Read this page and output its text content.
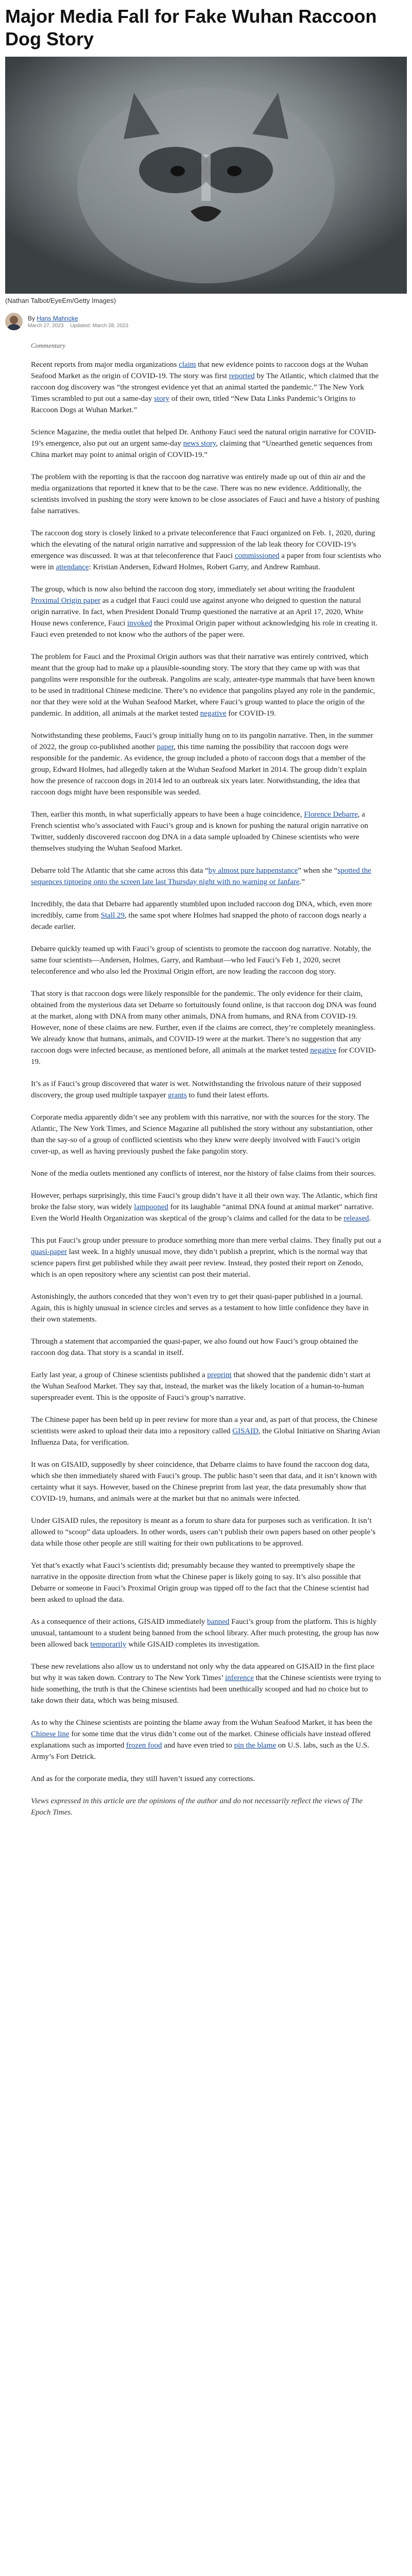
Major Media Fall for Fake Wuhan Raccoon Dog Story
(Nathan Talbot/EyeEm/Getty Images)
By Hans Mahncke
March 27, 2023 Updated: March 28, 2023
Commentary

Recent reports from major media organizations claim that new evidence points to raccoon dogs at the Wuhan Seafood Market as the origin of COVID-19. The story was first reported by The Atlantic, which claimed that the raccoon dog discovery was “the strongest evidence yet that an animal started the pandemic.” The New York Times scrambled to put out a same-day story of their own, titled “New Data Links Pandemic’s Origins to Raccoon Dogs at Wuhan Market.”

Science Magazine, the media outlet that helped Dr. Anthony Fauci seed the natural origin narrative for COVID-19’s emergence, also put out an urgent same-day news story, claiming that “Unearthed genetic sequences from China market may point to animal origin of COVID-19.”

The problem with the reporting is that the raccoon dog narrative was entirely made up out of thin air and the media organizations that reported it knew that to be the case. There was no new evidence. Additionally, the scientists involved in pushing the story were known to be close associates of Fauci and have a history of pushing false narratives.

The raccoon dog story is closely linked to a private teleconference that Fauci organized on Feb. 1, 2020, during which the elevating of the natural origin narrative and suppression of the lab leak theory for COVID-19’s emergence was discussed. It was at that teleconference that Fauci commissioned a paper from four scientists who were in attendance: Kristian Andersen, Edward Holmes, Robert Garry, and Andrew Rambaut.

The group, which is now also behind the raccoon dog story, immediately set about writing the fraudulent Proximal Origin paper as a cudgel that Fauci could use against anyone who deigned to question the natural origin narrative. In fact, when President Donald Trump questioned the narrative at an April 17, 2020, White House news conference, Fauci invoked the Proximal Origin paper without acknowledging his role in creating it. Fauci even pretended to not know who the authors of the paper were.

The problem for Fauci and the Proximal Origin authors was that their narrative was entirely contrived, which meant that the group had to make up a plausible-sounding story. The story that they came up with was that pangolins were responsible for the outbreak. Pangolins are scaly, anteater-type mammals that have been known to be used in traditional Chinese medicine. There’s no evidence that pangolins played any role in the pandemic, nor that they were sold at the Wuhan Seafood Market, where Fauci’s group wanted to place the origin of the pandemic. In addition, all animals at the market tested negative for COVID-19.

Notwithstanding these problems, Fauci’s group initially hung on to its pangolin narrative. Then, in the summer of 2022, the group co-published another paper, this time naming the possibility that raccoon dogs were responsible for the pandemic. As evidence, the group included a photo of raccoon dogs that a member of the group, Edward Holmes, had allegedly taken at the Wuhan Seafood Market in 2014. The group didn’t explain how the presence of raccoon dogs in 2014 led to an outbreak six years later. Notwithstanding, the idea that raccoon dogs might have been responsible was seeded.

Then, earlier this month, in what superficially appears to have been a huge coincidence, Florence Debarre, a French scientist who’s associated with Fauci’s group and is known for pushing the natural origin narrative on Twitter, suddenly discovered raccoon dog DNA in a data sample uploaded by Chinese scientists who were themselves studying the Wuhan Seafood Market.

Debarre told The Atlantic that she came across this data “by almost pure happenstance” when she “spotted the sequences tiptoeing onto the screen late last Thursday night with no warning or fanfare.”

Incredibly, the data that Debarre had apparently stumbled upon included raccoon dog DNA, which, even more incredibly, came from Stall 29, the same spot where Holmes had snapped the photo of raccoon dogs nearly a decade earlier.

Debarre quickly teamed up with Fauci’s group of scientists to promote the raccoon dog narrative. Notably, the same four scientists—Andersen, Holmes, Garry, and Rambaut—who led Fauci’s Feb 1, 2020, secret teleconference and who also led the Proximal Origin effort, are now leading the raccoon dog story.

That story is that raccoon dogs were likely responsible for the pandemic. The only evidence for their claim, obtained from the mysterious data set Debarre so fortuitously found online, is that raccoon dog DNA was found at the market, along with DNA from many other animals, DNA from humans, and RNA from COVID-19. However, none of these claims are new. Further, even if the claims are correct, they’re completely meaningless. We already know that humans, animals, and COVID-19 were at the market. There’s no suggestion that any raccoon dogs were infected because, as mentioned before, all animals at the market tested negative for COVID-19.

It’s as if Fauci’s group discovered that water is wet. Notwithstanding the frivolous nature of their supposed discovery, the group used multiple taxpayer grants to fund their latest efforts.

Corporate media apparently didn’t see any problem with this narrative, nor with the sources for the story. The Atlantic, The New York Times, and Science Magazine all published the story without any substantiation, other than the say-so of a group of conflicted scientists who they knew were deeply involved with Fauci’s origin cover-up, as well as having previously pushed the fake pangolin story.

None of the media outlets mentioned any conflicts of interest, nor the history of false claims from their sources.

However, perhaps surprisingly, this time Fauci’s group didn’t have it all their own way. The Atlantic, which first broke the false story, was widely lampooned for its laughable “animal DNA found at animal market” narrative. Even the World Health Organization was skeptical of the group’s claims and called for the data to be released.

This put Fauci’s group under pressure to produce something more than mere verbal claims. They finally put out a quasi-paper last week. In a highly unusual move, they didn’t publish a preprint, which is the normal way that science papers first get published while they await peer review. Instead, they posted their report on Zenodo, which is an open repository where any scientist can post their material.

Astonishingly, the authors conceded that they won’t even try to get their quasi-paper published in a journal. Again, this is highly unusual in science circles and serves as a testament to how little confidence they have in their own statements.

Through a statement that accompanied the quasi-paper, we also found out how Fauci’s group obtained the raccoon dog data. That story is a scandal in itself.

Early last year, a group of Chinese scientists published a preprint that showed that the pandemic didn’t start at the Wuhan Seafood Market. They say that, instead, the market was the likely location of a human-to-human superspreader event. This is the opposite of Fauci’s group’s narrative.

The Chinese paper has been held up in peer review for more than a year and, as part of that process, the Chinese scientists were asked to upload their data into a repository called GISAID, the Global Initiative on Sharing Avian Influenza Data, for verification.

It was on GISAID, supposedly by sheer coincidence, that Debarre claims to have found the raccoon dog data, which she then immediately shared with Fauci’s group. The public hasn’t seen that data, and it isn’t known with certainty what it says. However, based on the Chinese preprint from last year, the data presumably show that COVID-19, humans, and animals were at the market but that no animals were infected.

Under GISAID rules, the repository is meant as a forum to share data for purposes such as verification. It isn’t allowed to “scoop” data uploaders. In other words, users can’t publish their own papers based on other people’s data while those other people are still waiting for their own publications to be approved.

Yet that’s exactly what Fauci’s scientists did; presumably because they wanted to preemptively shape the narrative in the opposite direction from what the Chinese paper is likely going to say. It’s also possible that Debarre or someone in Fauci’s Proximal Origin group was tipped off to the fact that the Chinese scientist had been asked to upload the data.

As a consequence of their actions, GISAID immediately banned Fauci’s group from the platform. This is highly unusual, tantamount to a student being banned from the school library. After much protesting, the group has now been allowed back temporarily while GISAID completes its investigation.

These new revelations also allow us to understand not only why the data appeared on GISAID in the first place but why it was taken down. Contrary to The New York Times’ inference that the Chinese scientists were trying to hide something, the truth is that the Chinese scientists had been unethically scooped and had no choice but to take down their data, which was being misused.

As to why the Chinese scientists are pointing the blame away from the Wuhan Seafood Market, it has been the Chinese line for some time that the virus didn’t come out of the market. Chinese officials have instead offered explanations such as imported frozen food and have even tried to pin the blame on U.S. labs, such as the U.S. Army’s Fort Detrick.

And as for the corporate media, they still haven’t issued any corrections.

Views expressed in this article are the opinions of the author and do not necessarily reflect the views of The Epoch Times.
